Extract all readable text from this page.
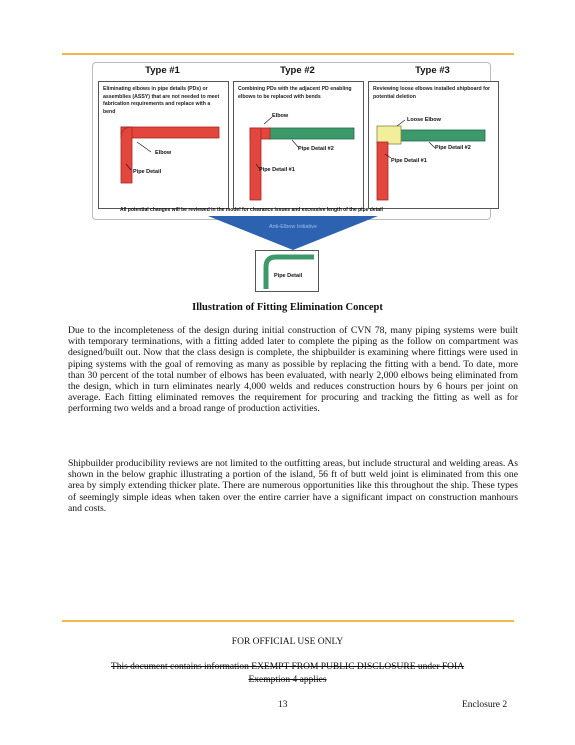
Type #1
Eliminating elbows in pipe details (PDs) or assemblies (ASSY) that are not needed to meet fabrication requirements and replace with a bend
Elbow
Pipe Detail
Type #2
Combining PDs with the adjacent PD enabling elbows to be replaced with bends
Elbow
Pipe Detail #2
Pipe Detail #1
Type #3
Reviewing loose elbows installed shipboard for potential deletion
Loose Elbow
Pipe Detail #2
Pipe Detail #1
All potential changes will be reviewed in the model for clearance issues and excessive length of the pipe detail
Anti-Elbow Initiative
Pipe Detail
Illustration of Fitting Elimination Concept
Due to the incompleteness of the design during initial construction of CVN 78, many piping systems were built with temporary terminations, with a fitting added later to complete the piping as the follow on compartment was designed/built out. Now that the class design is complete, the shipbuilder is examining where fittings were used in piping systems with the goal of removing as many as possible by replacing the fitting with a bend. To date, more than 30 percent of the total number of elbows has been evaluated, with nearly 2,000 elbows being eliminated from the design, which in turn eliminates nearly 4,000 welds and reduces construction hours by 6 hours per joint on average. Each fitting eliminated removes the requirement for procuring and tracking the fitting as well as for performing two welds and a broad range of production activities.
Shipbuilder producibility reviews are not limited to the outfitting areas, but include structural and welding areas. As shown in the below graphic illustrating a portion of the island, 56 ft of butt weld joint is eliminated from this one area by simply extending thicker plate. There are numerous opportunities like this throughout the ship. These types of seemingly simple ideas when taken over the entire carrier have a significant impact on construction manhours and costs.
FOR OFFICIAL USE ONLY
This document contains information EXEMPT FROM PUBLIC DISCLOSURE under FOIA
Exemption 4 applies
13	Enclosure 2
